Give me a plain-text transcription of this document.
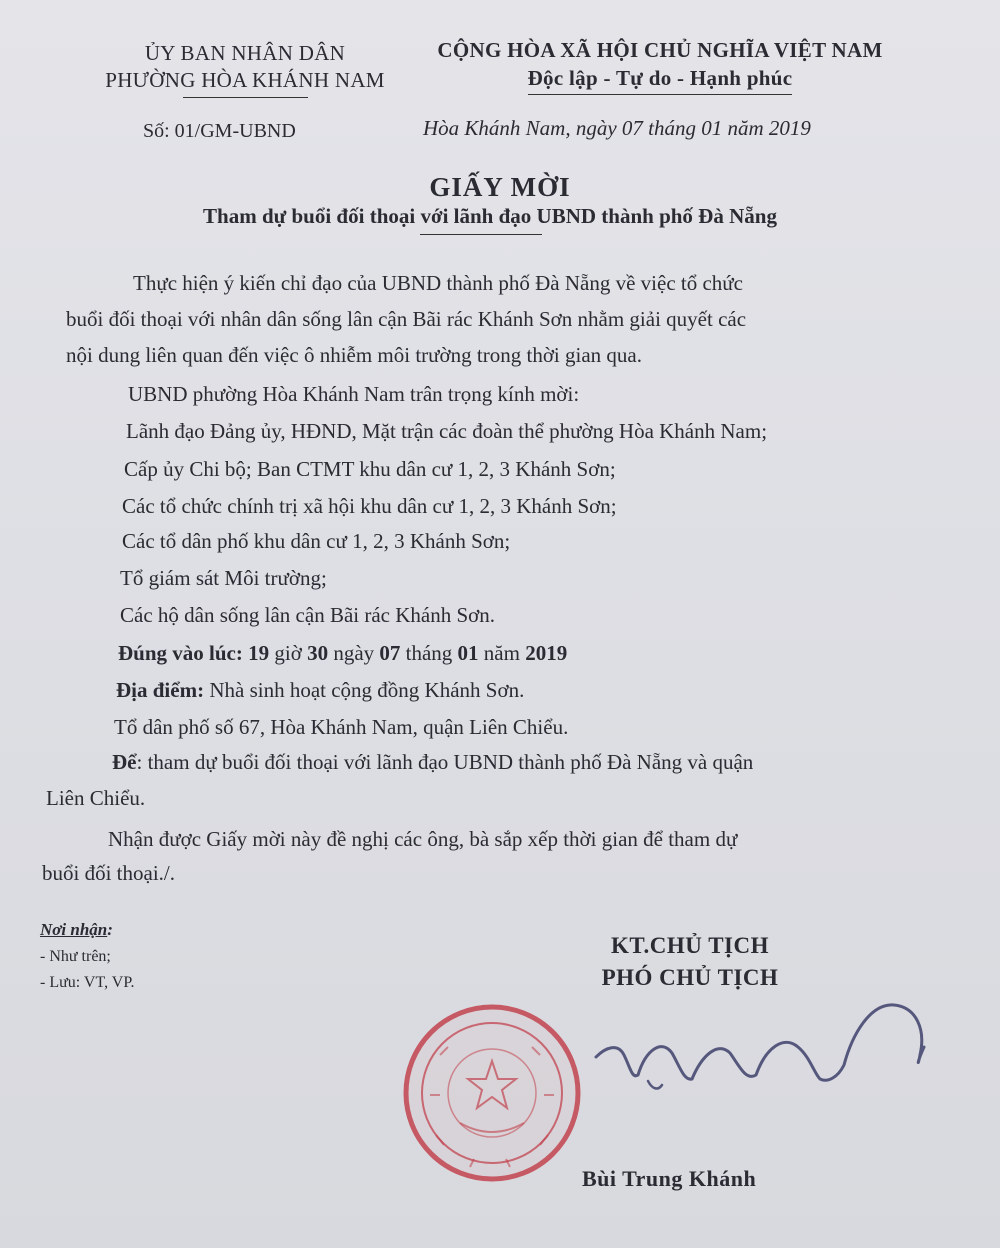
ỦY BAN NHÂN DÂN
PHƯỜNG HÒA KHÁNH NAM
CỘNG HÒA XÃ HỘI CHỦ NGHĨA VIỆT NAM
Độc lập - Tự do - Hạnh phúc
Số: 01/GM-UBND	Hòa Khánh Nam, ngày 07 tháng 01 năm 2019
GIẤY MỜI
Tham dự buổi đối thoại với lãnh đạo UBND thành phố Đà Nẵng
Thực hiện ý kiến chỉ đạo của UBND thành phố Đà Nẵng về việc tổ chức
buổi đối thoại với nhân dân sống lân cận Bãi rác Khánh Sơn nhằm giải quyết các
nội dung liên quan đến việc ô nhiễm môi trường trong thời gian qua.
UBND phường Hòa Khánh Nam trân trọng kính mời:
Lãnh đạo Đảng ủy, HĐND, Mặt trận các đoàn thể phường Hòa Khánh Nam;
Cấp ủy Chi bộ; Ban CTMT khu dân cư 1, 2, 3 Khánh Sơn;
Các tổ chức chính trị xã hội khu dân cư 1, 2, 3 Khánh Sơn;
Các tổ dân phố khu dân cư 1, 2, 3 Khánh Sơn;
Tổ giám sát Môi trường;
Các hộ dân sống lân cận Bãi rác Khánh Sơn.
Đúng vào lúc: 19 giờ 30 ngày 07 tháng 01 năm 2019
Địa điểm: Nhà sinh hoạt cộng đồng Khánh Sơn.
Tổ dân phố số 67, Hòa Khánh Nam, quận Liên Chiểu.
Để: tham dự buổi đối thoại với lãnh đạo UBND thành phố Đà Nẵng và quận
Liên Chiểu.
Nhận được Giấy mời này đề nghị các ông, bà sắp xếp thời gian để tham dự
buổi đối thoại./.
Nơi nhận:
- Như trên;
- Lưu: VT, VP.
KT.CHỦ TỊCH
PHÓ CHỦ TỊCH
Bùi Trung Khánh
